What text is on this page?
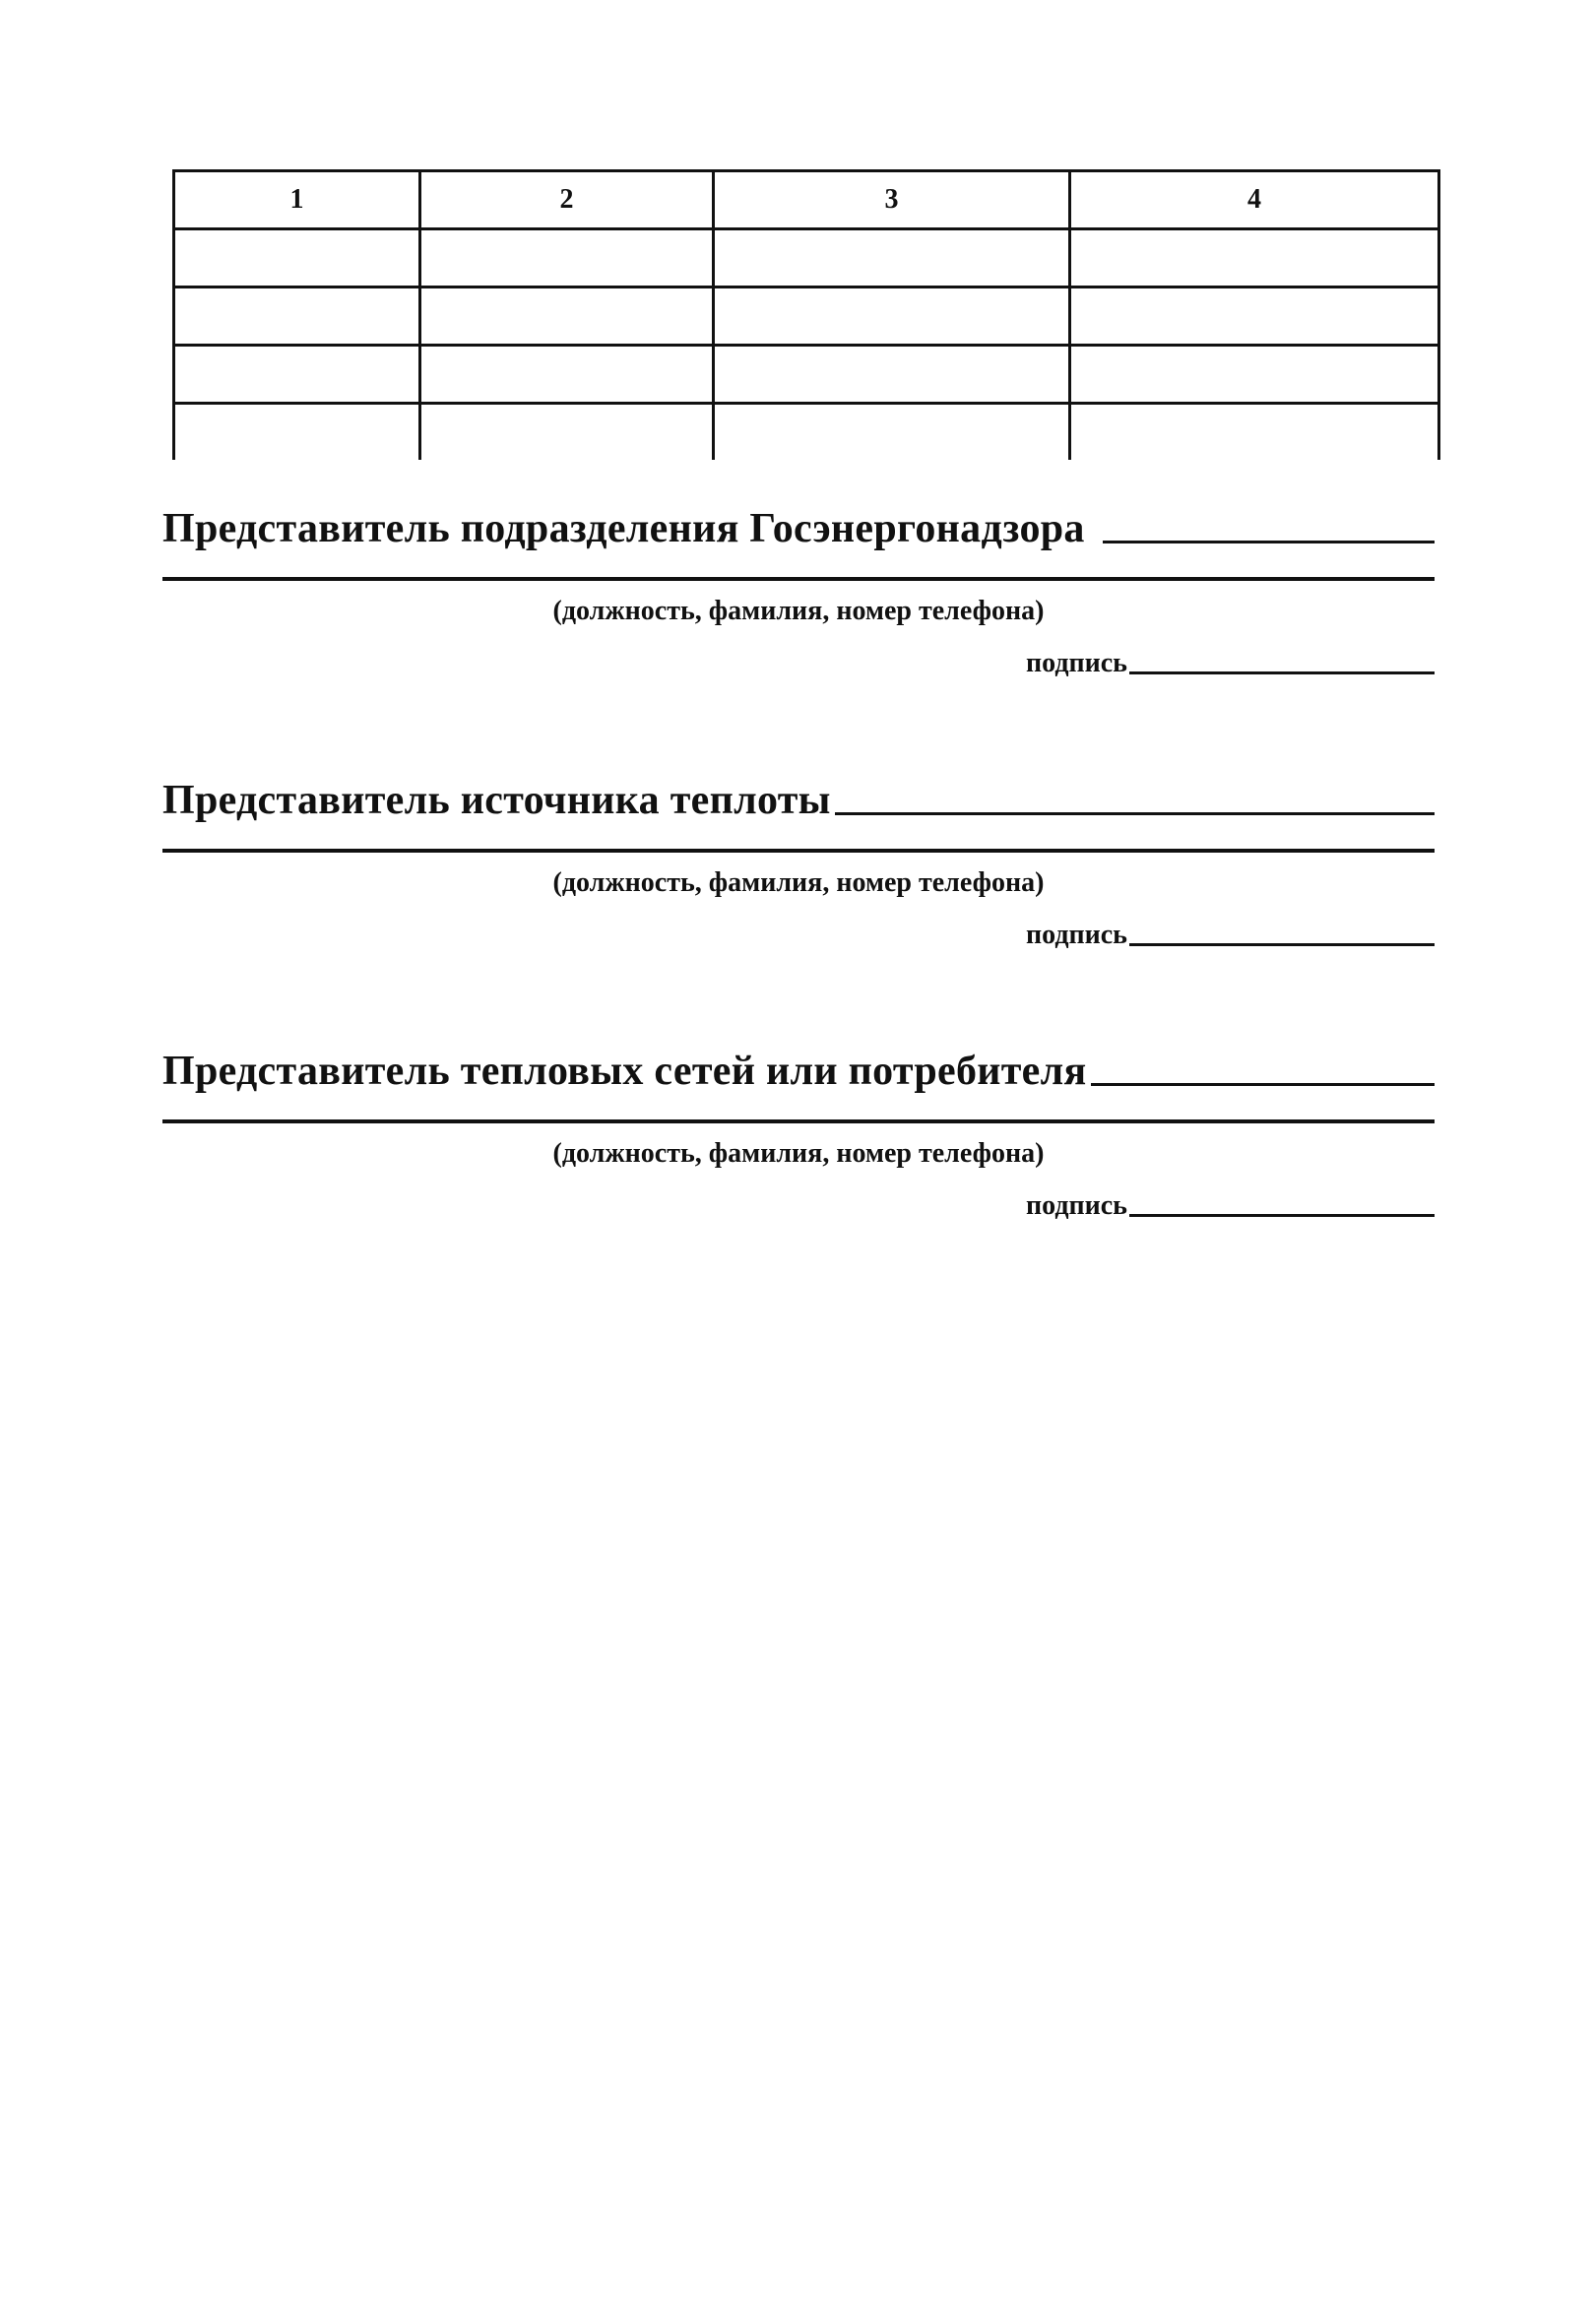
1	2	3	4

Представитель подразделения Госэнергонадзора
(должность, фамилия, номер телефона)
подпись
Представитель источника теплоты
(должность, фамилия, номер телефона)
подпись
Представитель тепловых сетей или потребителя
(должность, фамилия, номер телефона)
подпись
